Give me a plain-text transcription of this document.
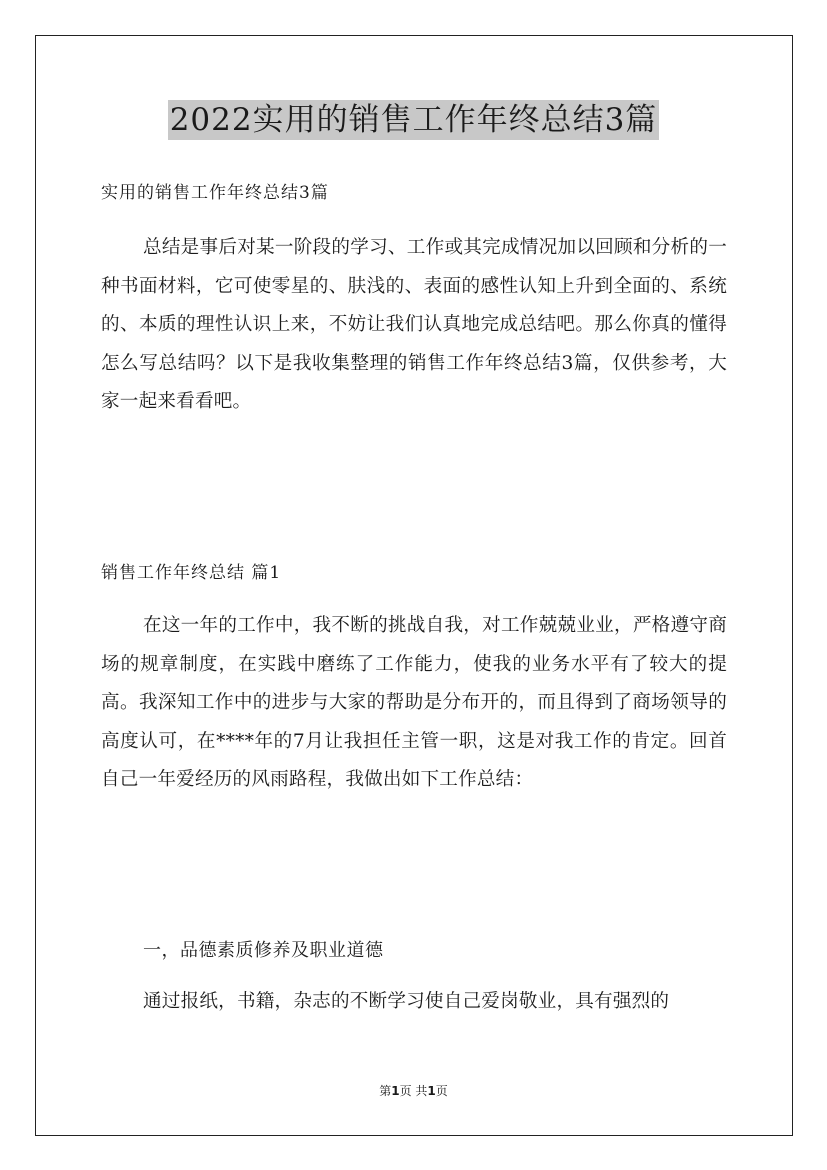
2022实用的销售工作年终总结3篇
实用的销售工作年终总结3篇
总结是事后对某一阶段的学习、工作或其完成情况加以回顾和分析的一种书面材料，它可使零星的、肤浅的、表面的感性认知上升到全面的、系统的、本质的理性认识上来，不妨让我们认真地完成总结吧。那么你真的懂得怎么写总结吗？以下是我收集整理的销售工作年终总结3篇，仅供参考，大家一起来看看吧。
销售工作年终总结 篇1
在这一年的工作中，我不断的挑战自我，对工作兢兢业业，严格遵守商场的规章制度，在实践中磨练了工作能力，使我的业务水平有了较大的提高。我深知工作中的进步与大家的帮助是分布开的，而且得到了商场领导的高度认可，在****年的7月让我担任主管一职，这是对我工作的肯定。回首自己一年爱经历的风雨路程，我做出如下工作总结：
一，品德素质修养及职业道德
通过报纸，书籍，杂志的不断学习使自己爱岗敬业，具有强烈的
第1页 共1页
